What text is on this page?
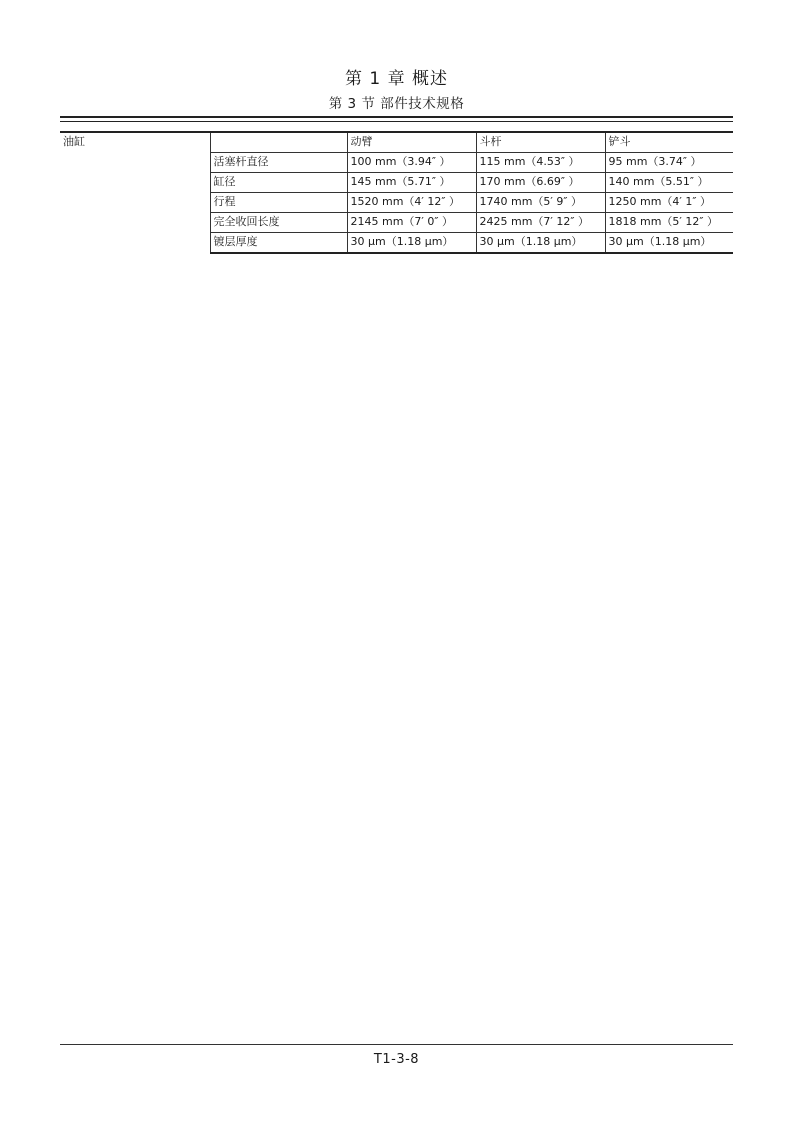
第 1 章 概述
第 3 节 部件技术规格
油缸		动臂	斗杆	铲斗
	活塞杆直径	100 mm（3.94″ ）	115 mm（4.53″ ）	95 mm（3.74″ ）
	缸径	145 mm（5.71″ ）	170 mm（6.69″ ）	140 mm（5.51″ ）
	行程	1520 mm（4′ 12″ ）	1740 mm（5′ 9″ ）	1250 mm（4′ 1″ ）
	完全收回长度	2145 mm（7′ 0″ ）	2425 mm（7′ 12″ ）	1818 mm（5′ 12″ ）
	镀层厚度	30 μm（1.18 μm）	30 μm（1.18 μm）	30 μm（1.18 μm）
T1-3-8
